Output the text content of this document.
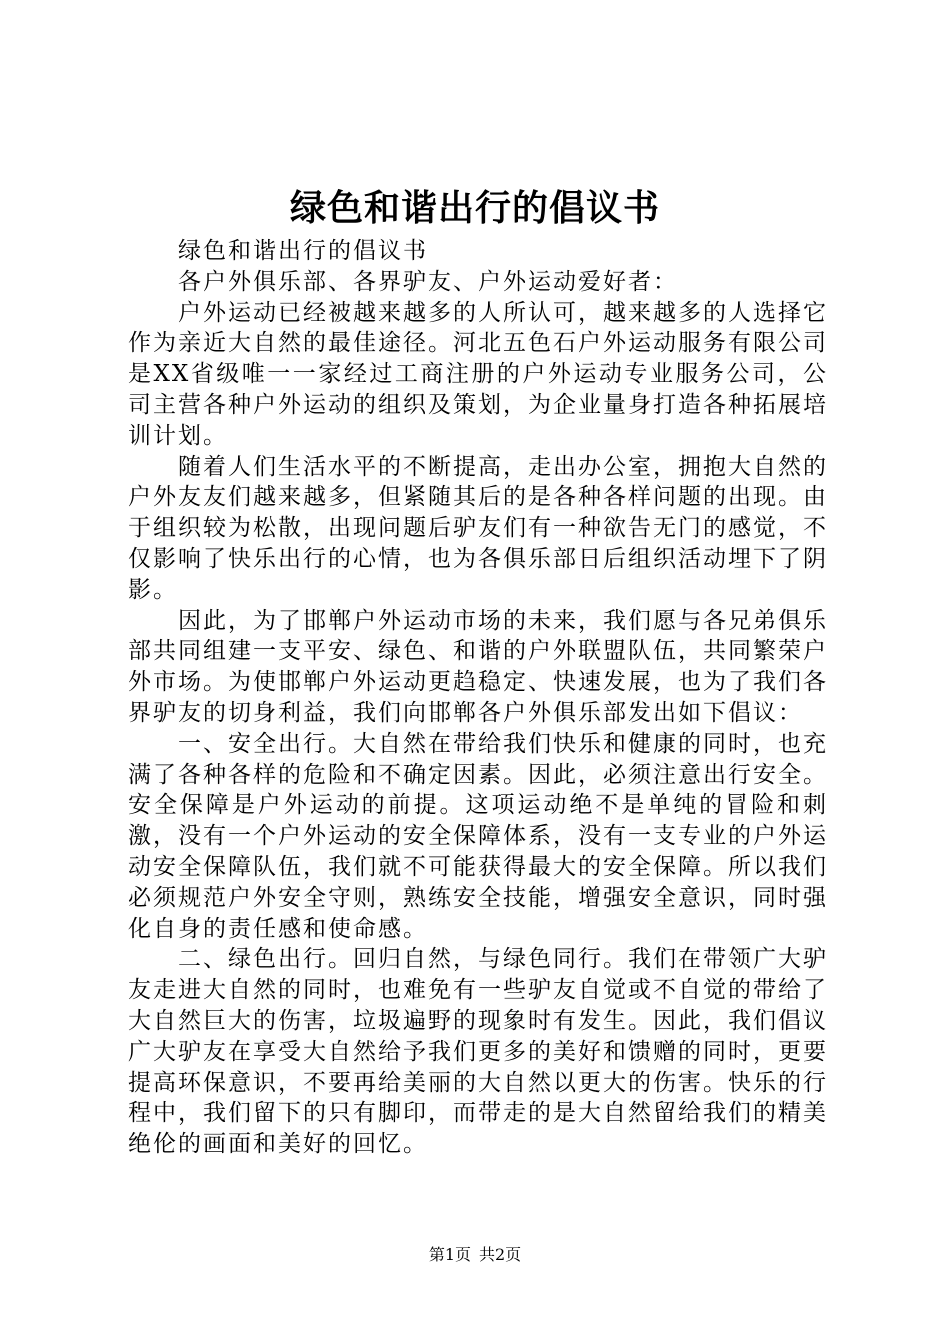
绿色和谐出行的倡议书

绿色和谐出行的倡议书

各户外俱乐部、各界驴友、户外运动爱好者：

户外运动已经被越来越多的人所认可，越来越多的人选择它作为亲近大自然的最佳途径。河北五色石户外运动服务有限公司是XX省级唯一一家经过工商注册的户外运动专业服务公司，公司主营各种户外运动的组织及策划，为企业量身打造各种拓展培训计划。

随着人们生活水平的不断提高，走出办公室，拥抱大自然的户外友友们越来越多，但紧随其后的是各种各样问题的出现。由于组织较为松散，出现问题后驴友们有一种欲告无门的感觉，不仅影响了快乐出行的心情，也为各俱乐部日后组织活动埋下了阴影。

因此，为了邯郸户外运动市场的未来，我们愿与各兄弟俱乐部共同组建一支平安、绿色、和谐的户外联盟队伍，共同繁荣户外市场。为使邯郸户外运动更趋稳定、快速发展，也为了我们各界驴友的切身利益，我们向邯郸各户外俱乐部发出如下倡议：

一、安全出行。大自然在带给我们快乐和健康的同时，也充满了各种各样的危险和不确定因素。因此，必须注意出行安全。安全保障是户外运动的前提。这项运动绝不是单纯的冒险和刺激，没有一个户外运动的安全保障体系，没有一支专业的户外运动安全保障队伍，我们就不可能获得最大的安全保障。所以我们必须规范户外安全守则，熟练安全技能，增强安全意识，同时强化自身的责任感和使命感。

二、绿色出行。回归自然，与绿色同行。我们在带领广大驴友走进大自然的同时，也难免有一些驴友自觉或不自觉的带给了大自然巨大的伤害，垃圾遍野的现象时有发生。因此，我们倡议广大驴友在享受大自然给予我们更多的美好和馈赠的同时，更要提高环保意识，不要再给美丽的大自然以更大的伤害。快乐的行程中，我们留下的只有脚印，而带走的是大自然留给我们的精美绝伦的画面和美好的回忆。

第1页 共2页
